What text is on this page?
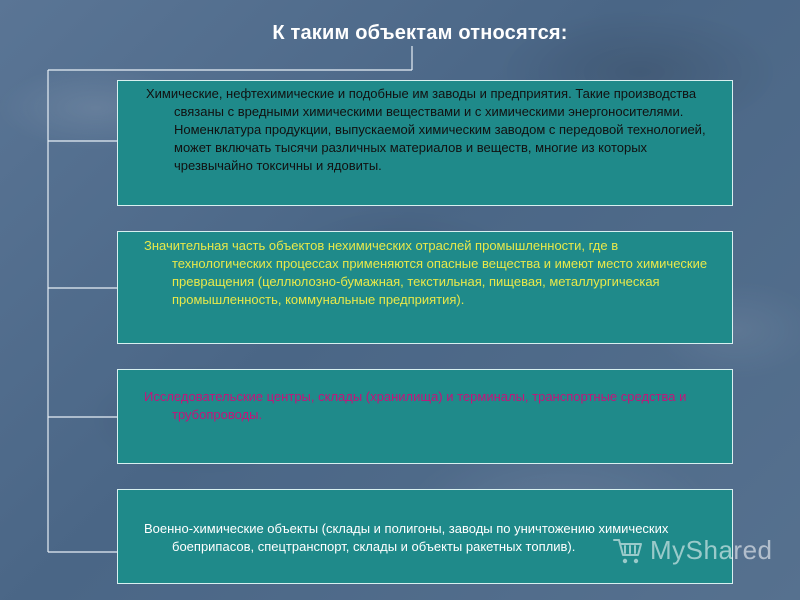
К таким объектам относятся:

Химические, нефтехимические и подобные им заводы и предприятия. Такие производства связаны с вредными химическими веществами и с химическими энергоносителями. Номенклатура продукции, выпускаемой химическим заводом с передовой технологией, может включать тысячи различных материалов и веществ, многие из которых чрезвычайно токсичны и ядовиты.

Значительная часть объектов нехимических отраслей промышленности, где в технологических процессах применяются опасные вещества и имеют место химические превращения (целлюлозно-бумажная, текстильная, пищевая, металлургическая промышленность, коммунальные предприятия).

Исследовательские центры, склады (хранилища) и терминалы, транспортные средства и трубопроводы.

Военно-химические объекты (склады и полигоны, заводы по уничтожению химических боеприпасов, спецтранспорт, склады и объекты ракетных топлив).	MyShared
